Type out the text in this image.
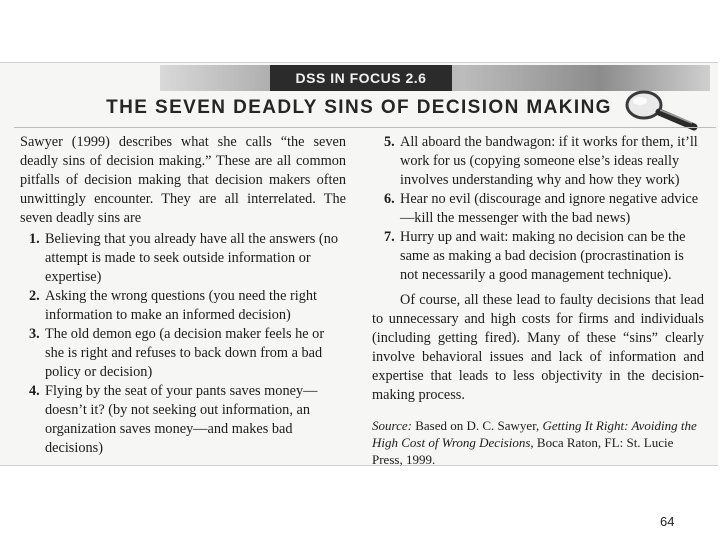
DSS IN FOCUS 2.6
THE SEVEN DEADLY SINS OF DECISION MAKING

Sawyer (1999) describes what she calls “the seven deadly sins of decision making.” These are all common pitfalls of decision making that decision makers often unwittingly encounter. They are all interrelated. The seven deadly sins are

1. Believing that you already have all the answers (no attempt is made to seek outside information or expertise)
2. Asking the wrong questions (you need the right information to make an informed decision)
3. The old demon ego (a decision maker feels he or she is right and refuses to back down from a bad policy or decision)
4. Flying by the seat of your pants saves money—doesn’t it? (by not seeking out information, an organization saves money—and makes bad decisions)
5. All aboard the bandwagon: if it works for them, it’ll work for us (copying someone else’s ideas really involves understanding why and how they work)
6. Hear no evil (discourage and ignore negative advice—kill the messenger with the bad news)
7. Hurry up and wait: making no decision can be the same as making a bad decision (procrastination is not necessarily a good management technique).

Of course, all these lead to faulty decisions that lead to unnecessary and high costs for firms and individuals (including getting fired). Many of these “sins” clearly involve behavioral issues and lack of information and expertise that leads to less objectivity in the decision-making process.

Source: Based on D. C. Sawyer, Getting It Right: Avoiding the High Cost of Wrong Decisions, Boca Raton, FL: St. Lucie Press, 1999.

64
